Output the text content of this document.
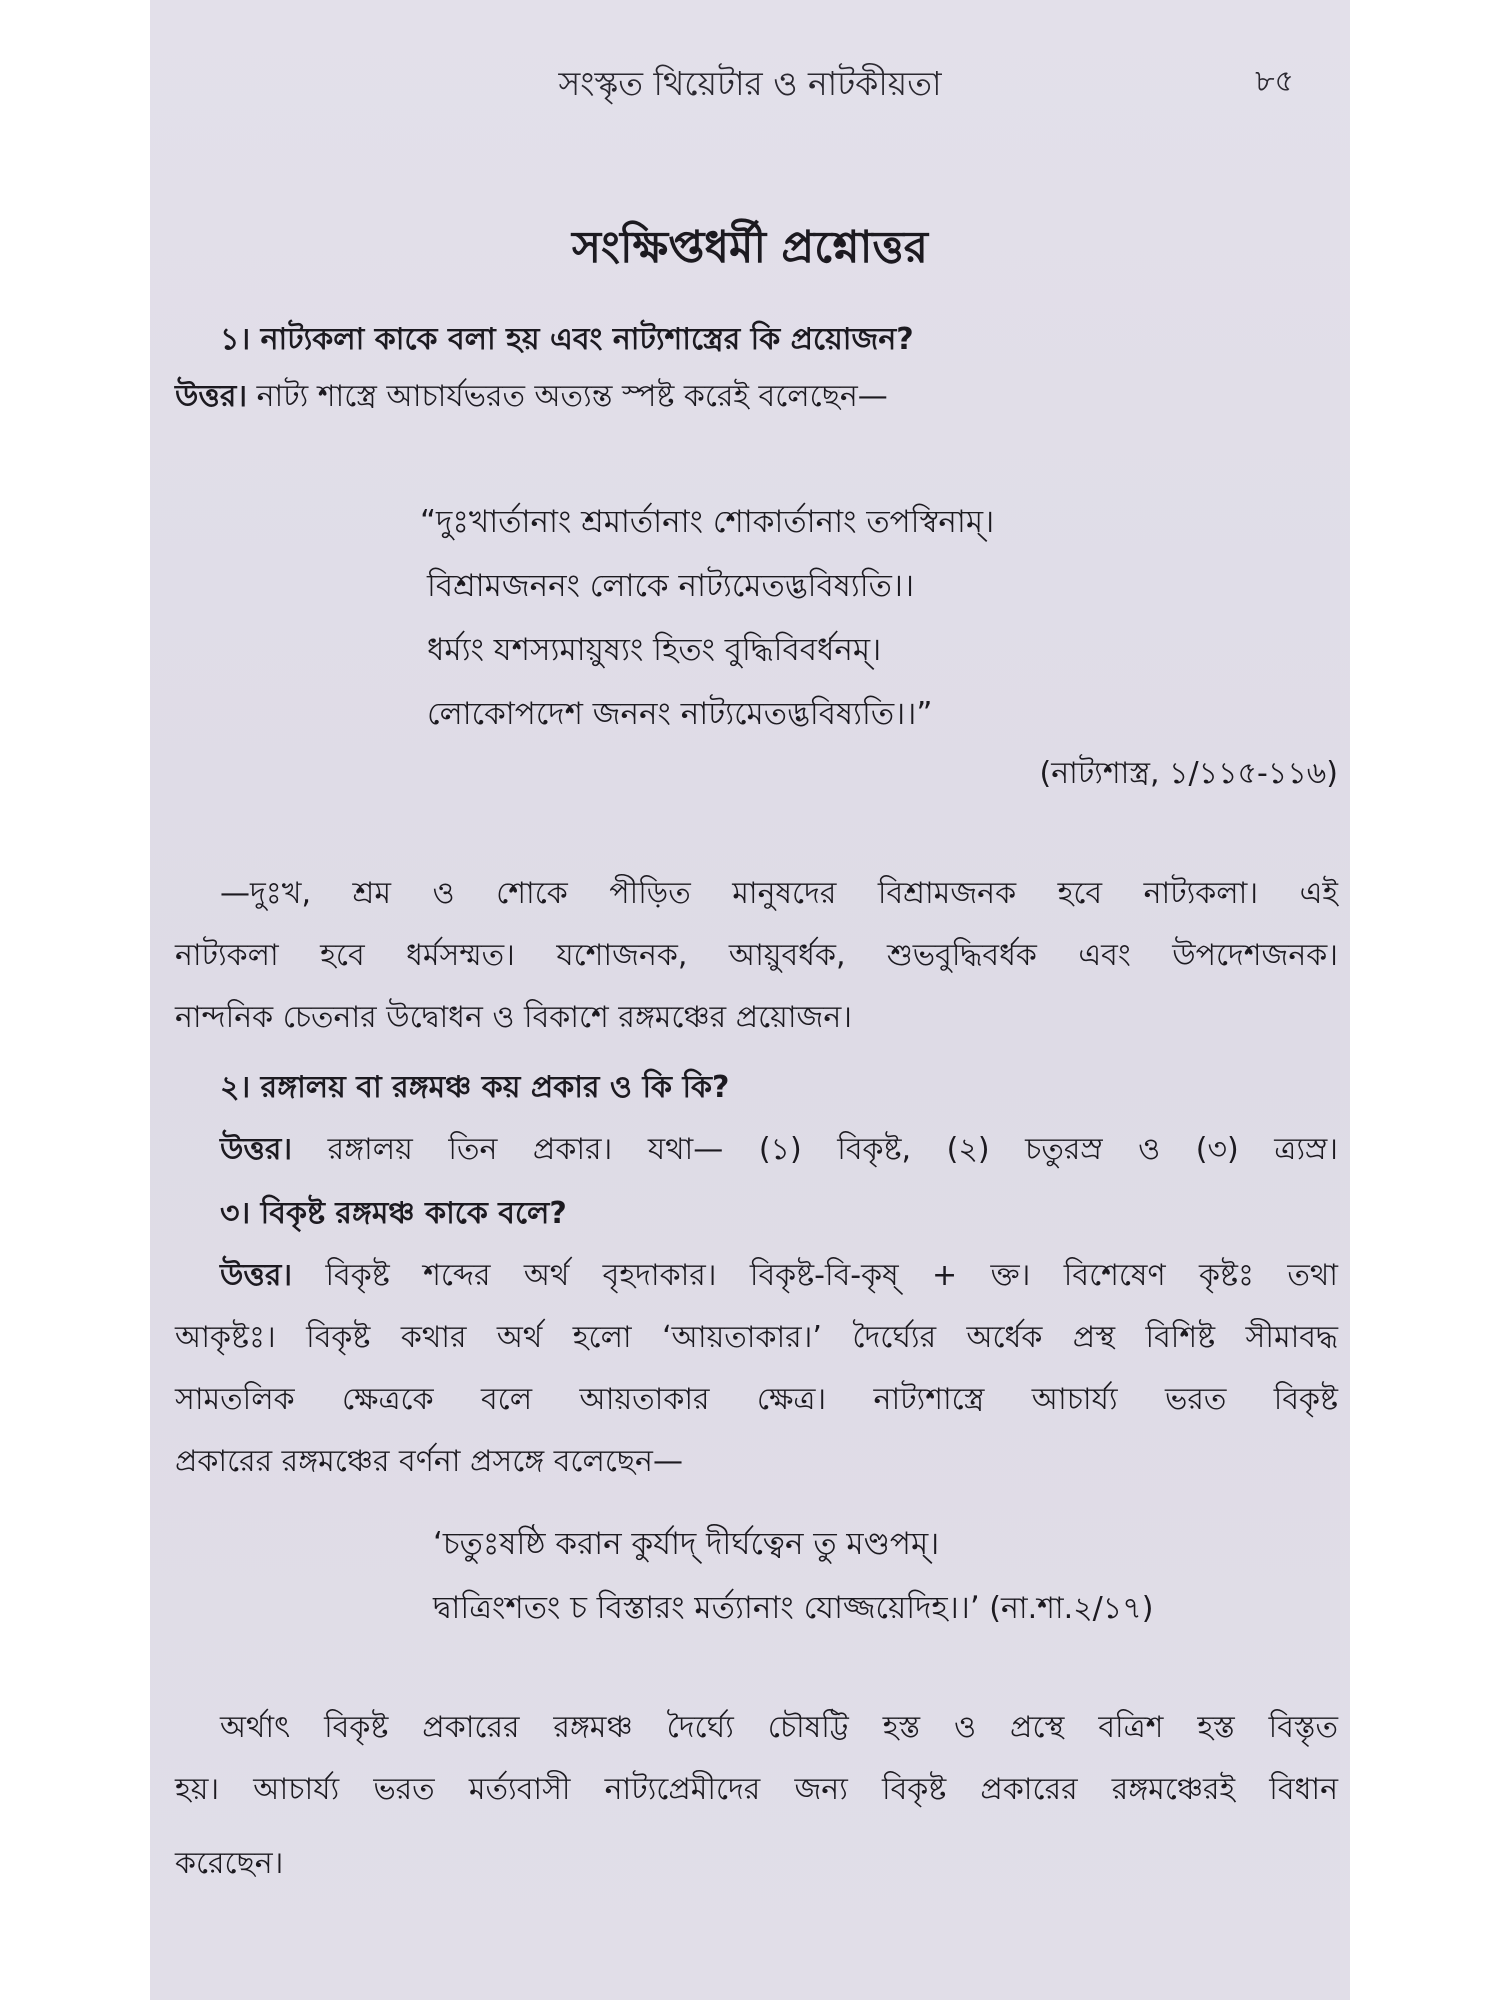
সংস্কৃত থিয়েটার ও নাটকীয়তা	৮৫
সংক্ষিপ্তধর্মী প্রশ্নোত্তর
১। নাট্যকলা কাকে বলা হয় এবং নাট্যশাস্ত্রের কি প্রয়োজন?
উত্তর। নাট্য শাস্ত্রে আচার্যভরত অত্যন্ত স্পষ্ট করেই বলেছেন—
“দুঃখার্তানাং শ্রমার্তানাং শোকার্তানাং তপস্বিনাম্।
বিশ্রামজননং লোকে নাট্যমেতদ্ভবিষ্যতি।।
ধর্ম্যং যশস্যমায়ুষ্যং হিতং বুদ্ধিবিবর্ধনম্।
লোকোপদেশ জননং নাট্যমেতদ্ভবিষ্যতি।।”
(নাট্যশাস্ত্র, ১/১১৫-১১৬)
—দুঃখ, শ্রম ও শোকে পীড়িত মানুষদের বিশ্রামজনক হবে নাট্যকলা। এই
নাট্যকলা হবে ধর্মসম্মত। যশোজনক, আয়ুবর্ধক, শুভবুদ্ধিবর্ধক এবং উপদেশজনক।
নান্দনিক চেতনার উদ্বোধন ও বিকাশে রঙ্গমঞ্চের প্রয়োজন।
২। রঙ্গালয় বা রঙ্গমঞ্চ কয় প্রকার ও কি কি?
উত্তর। রঙ্গালয় তিন প্রকার। যথা— (১) বিকৃষ্ট, (২) চতুরস্র ও (৩) ত্র্যস্র।
৩। বিকৃষ্ট রঙ্গমঞ্চ কাকে বলে?
উত্তর। বিকৃষ্ট শব্দের অর্থ বৃহদাকার। বিকৃষ্ট-বি-কৃষ্ + ক্ত। বিশেষেণ কৃষ্টঃ তথা
আকৃষ্টঃ। বিকৃষ্ট কথার অর্থ হলো ‘আয়তাকার।’ দৈর্ঘ্যের অর্ধেক প্রস্থ বিশিষ্ট সীমাবদ্ধ
সামতলিক ক্ষেত্রকে বলে আয়তাকার ক্ষেত্র। নাট্যশাস্ত্রে আচার্য্য ভরত বিকৃষ্ট
প্রকারের রঙ্গমঞ্চের বর্ণনা প্রসঙ্গে বলেছেন—
‘চতুঃষষ্ঠি করান কুর্যাদ্ দীর্ঘত্বেন তু মণ্ডপম্।
দ্বাত্রিংশতং চ বিস্তারং মর্ত্যানাং যোজ্জয়েদিহ।।’ (না.শা.২/১৭)
অর্থাৎ বিকৃষ্ট প্রকারের রঙ্গমঞ্চ দৈর্ঘ্যে চৌষট্টি হস্ত ও প্রস্থে বত্রিশ হস্ত বিস্তৃত
হয়। আচার্য্য ভরত মর্ত্যবাসী নাট্যপ্রেমীদের জন্য বিকৃষ্ট প্রকারের রঙ্গমঞ্চেরই বিধান
করেছেন।
